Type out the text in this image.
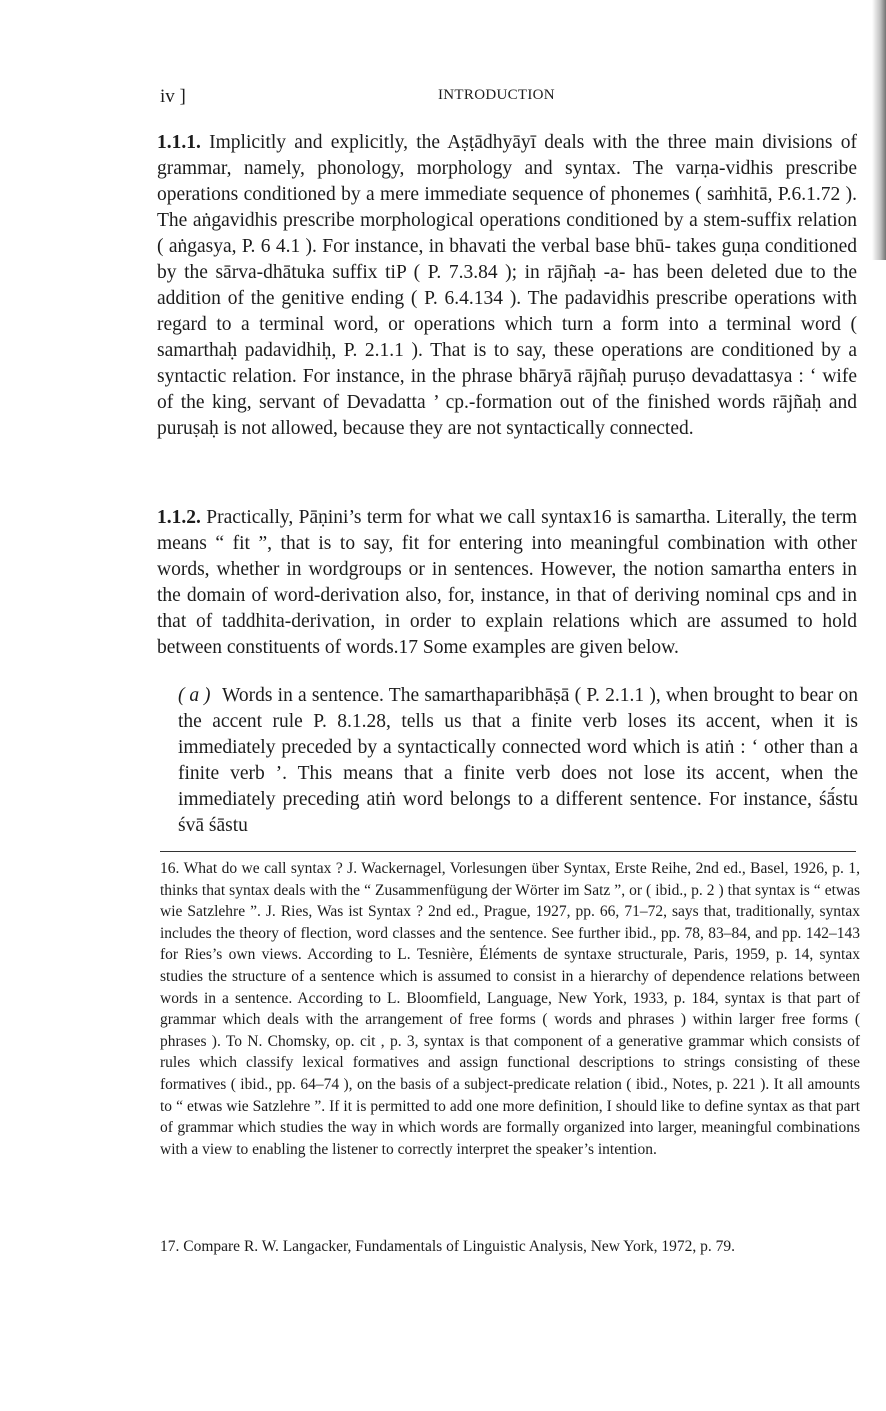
iv ]	INTRODUCTION
1.1.1. Implicitly and explicitly, the Aṣṭādhyāyī deals with the three main divisions of grammar, namely, phonology, morphology and syntax. The varṇa-vidhis prescribe operations conditioned by a mere immediate sequence of phonemes ( saṁhitā, P.6.1.72 ). The aṅgavidhis prescribe morphological operations conditioned by a stem-suffix relation ( aṅgasya, P. 6 4.1 ). For instance, in bhavati the verbal base bhū- takes guṇa conditioned by the sārva-dhātuka suffix tiP ( P. 7.3.84 ); in rājñaḥ -a- has been deleted due to the addition of the genitive ending ( P. 6.4.134 ). The padavidhis prescribe operations with regard to a terminal word, or operations which turn a form into a terminal word ( samarthaḥ padavidhiḥ, P. 2.1.1 ). That is to say, these operations are conditioned by a syntactic relation. For instance, in the phrase bhāryā rājñaḥ puruṣo devadattasya : ‘ wife of the king, servant of Devadatta ’ cp.-formation out of the finished words rājñaḥ and puruṣaḥ is not allowed, because they are not syntactically connected.
1.1.2. Practically, Pāṇini’s term for what we call syntax16 is samartha. Literally, the term means “ fit ”, that is to say, fit for entering into meaningful combination with other words, whether in wordgroups or in sentences. However, the notion samartha enters in the domain of word-derivation also, for, instance, in that of deriving nominal cps and in that of taddhita-derivation, in order to explain relations which are assumed to hold between constituents of words.17 Some examples are given below.
( a ) Words in a sentence. The samarthaparibhāṣā ( P. 2.1.1 ), when brought to bear on the accent rule P. 8.1.28, tells us that a finite verb loses its accent, when it is immediately preceded by a syntactically connected word which is atiṅ : ‘ other than a finite verb ’. This means that a finite verb does not lose its accent, when the immediately preceding atiṅ word belongs to a different sentence. For instance, śā́stu śvā śāstu
16. What do we call syntax ? J. Wackernagel, Vorlesungen über Syntax, Erste Reihe, 2nd ed., Basel, 1926, p. 1, thinks that syntax deals with the “ Zusammenfügung der Wörter im Satz ”, or ( ibid., p. 2 ) that syntax is “ etwas wie Satzlehre ”. J. Ries, Was ist Syntax ? 2nd ed., Prague, 1927, pp. 66, 71–72, says that, traditionally, syntax includes the theory of flection, word classes and the sentence. See further ibid., pp. 78, 83–84, and pp. 142–143 for Ries’s own views. According to L. Tesnière, Éléments de syntaxe structurale, Paris, 1959, p. 14, syntax studies the structure of a sentence which is assumed to consist in a hierarchy of dependence relations between words in a sentence. According to L. Bloomfield, Language, New York, 1933, p. 184, syntax is that part of grammar which deals with the arrangement of free forms ( words and phrases ) within larger free forms ( phrases ). To N. Chomsky, op. cit , p. 3, syntax is that component of a generative grammar which consists of rules which classify lexical formatives and assign functional descriptions to strings consisting of these formatives ( ibid., pp. 64–74 ), on the basis of a subject-predicate relation ( ibid., Notes, p. 221 ). It all amounts to “ etwas wie Satzlehre ”. If it is permitted to add one more definition, I should like to define syntax as that part of grammar which studies the way in which words are formally organized into larger, meaningful combinations with a view to enabling the listener to correctly interpret the speaker’s intention.
17. Compare R. W. Langacker, Fundamentals of Linguistic Analysis, New York, 1972, p. 79.
